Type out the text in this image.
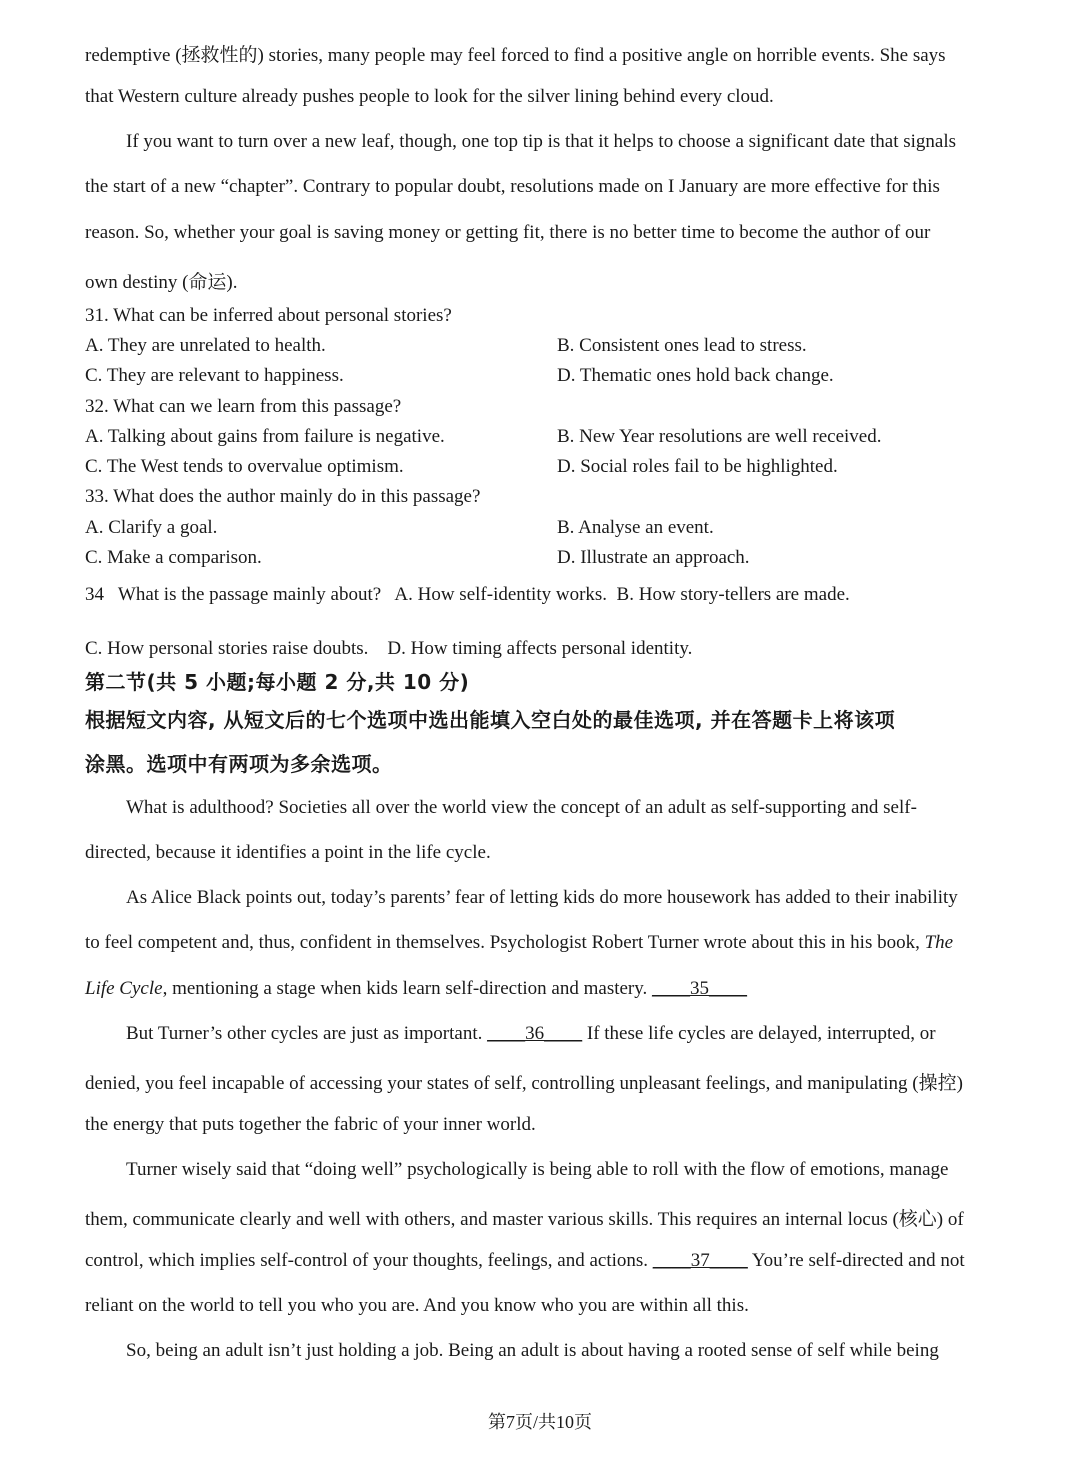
redemptive (拯救性的) stories, many people may feel forced to find a positive angle on horrible events. She says
that Western culture already pushes people to look for the silver lining behind every cloud.
If you want to turn over a new leaf, though, one top tip is that it helps to choose a significant date that signals
the start of a new “chapter”. Contrary to popular doubt, resolutions made on I January are more effective for this
reason. So, whether your goal is saving money or getting fit, there is no better time to become the author of our
own destiny (命运).
31. What can be inferred about personal stories?
A. They are unrelated to health.	B. Consistent ones lead to stress.
C. They are relevant to happiness.	D. Thematic ones hold back change.
32. What can we learn from this passage?
A. Talking about gains from failure is negative.	B. New Year resolutions are well received.
C. The West tends to overvalue optimism.	D. Social roles fail to be highlighted.
33. What does the author mainly do in this passage?
A. Clarify a goal.	B. Analyse an event.
C. Make a comparison.	D. Illustrate an approach.
34   What is the passage mainly about?   A. How self-identity works.  B. How story-tellers are made.
C. How personal stories raise doubts.    D. How timing affects personal identity.
第二节(共 5 小题;每小题 2 分,共 10 分)
根据短文内容, 从短文后的七个选项中选出能填入空白处的最佳选项, 并在答题卡上将该项
涂黑。选项中有两项为多余选项。
What is adulthood? Societies all over the world view the concept of an adult as self-supporting and self-
directed, because it identifies a point in the life cycle.
As Alice Black points out, today’s parents’ fear of letting kids do more housework has added to their inability
to feel competent and, thus, confident in themselves. Psychologist Robert Turner wrote about this in his book, The
Life Cycle, mentioning a stage when kids learn self-direction and mastery. ____35____
But Turner’s other cycles are just as important. ____36____ If these life cycles are delayed, interrupted, or
denied, you feel incapable of accessing your states of self, controlling unpleasant feelings, and manipulating (操控)
the energy that puts together the fabric of your inner world.
Turner wisely said that “doing well” psychologically is being able to roll with the flow of emotions, manage
them, communicate clearly and well with others, and master various skills. This requires an internal locus (核心) of
control, which implies self-control of your thoughts, feelings, and actions. ____37____ You’re self-directed and not
reliant on the world to tell you who you are. And you know who you are within all this.
So, being an adult isn’t just holding a job. Being an adult is about having a rooted sense of self while being
第7页/共10页
